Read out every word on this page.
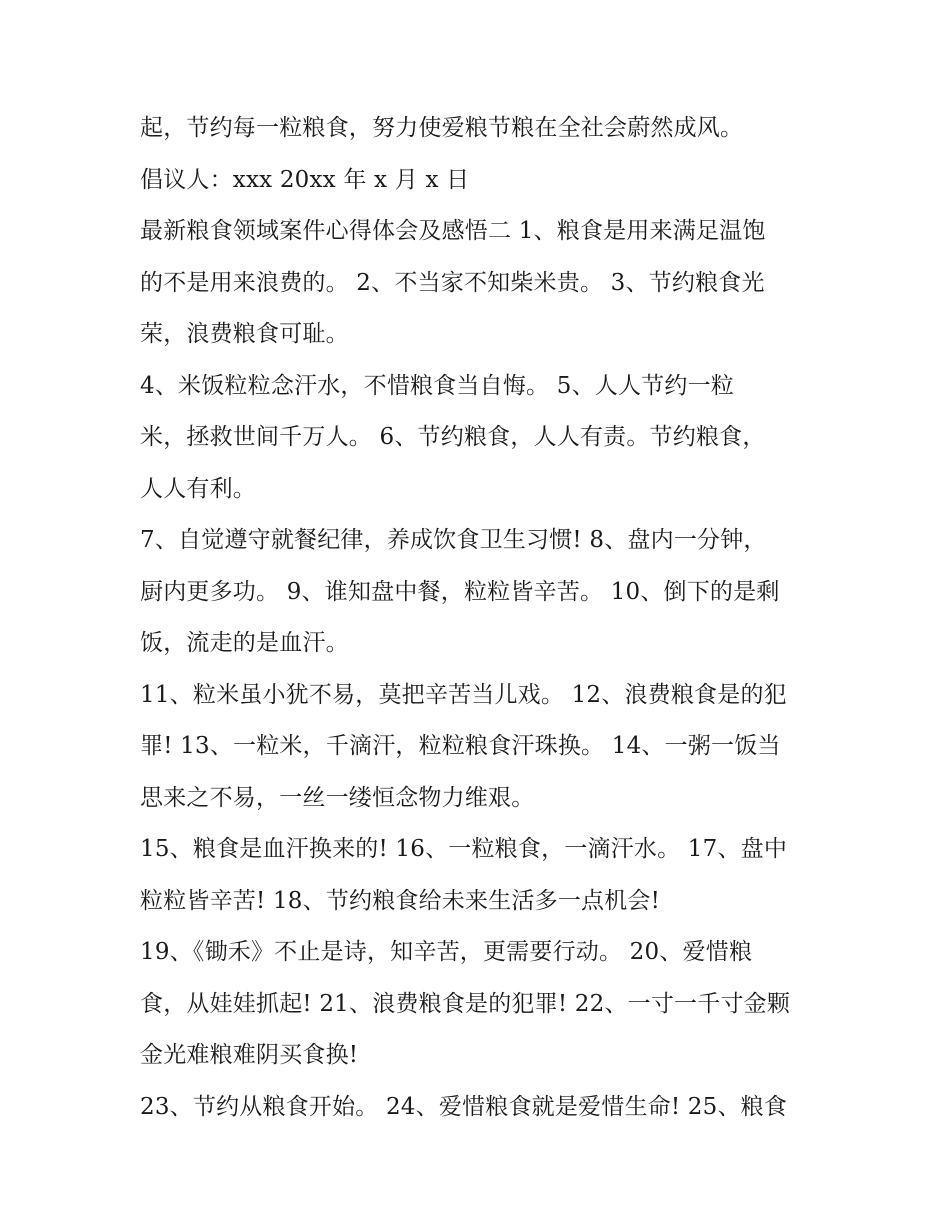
起，节约每一粒粮食，努力使爱粮节粮在全社会蔚然成风。
倡议人：xxx 20xx 年 x 月 x 日
最新粮食领域案件心得体会及感悟二 1、粮食是用来满足温饱
的不是用来浪费的。 2、不当家不知柴米贵。 3、节约粮食光
荣，浪费粮食可耻。
4、米饭粒粒念汗水，不惜粮食当自悔。 5、人人节约一粒
米，拯救世间千万人。 6、节约粮食，人人有责。节约粮食，
人人有利。
7、自觉遵守就餐纪律，养成饮食卫生习惯! 8、盘内一分钟，
厨内更多功。 9、谁知盘中餐，粒粒皆辛苦。 10、倒下的是剩
饭，流走的是血汗。
11、粒米虽小犹不易，莫把辛苦当儿戏。 12、浪费粮食是的犯
罪! 13、一粒米，千滴汗，粒粒粮食汗珠换。 14、一粥一饭当
思来之不易，一丝一缕恒念物力维艰。
15、粮食是血汗换来的! 16、一粒粮食，一滴汗水。 17、盘中
粒粒皆辛苦! 18、节约粮食给未来生活多一点机会!
19、《锄禾》不止是诗，知辛苦，更需要行动。 20、爱惜粮
食，从娃娃抓起! 21、浪费粮食是的犯罪! 22、一寸一千寸金颗
金光难粮难阴买食换!
23、节约从粮食开始。 24、爱惜粮食就是爱惜生命! 25、粮食
